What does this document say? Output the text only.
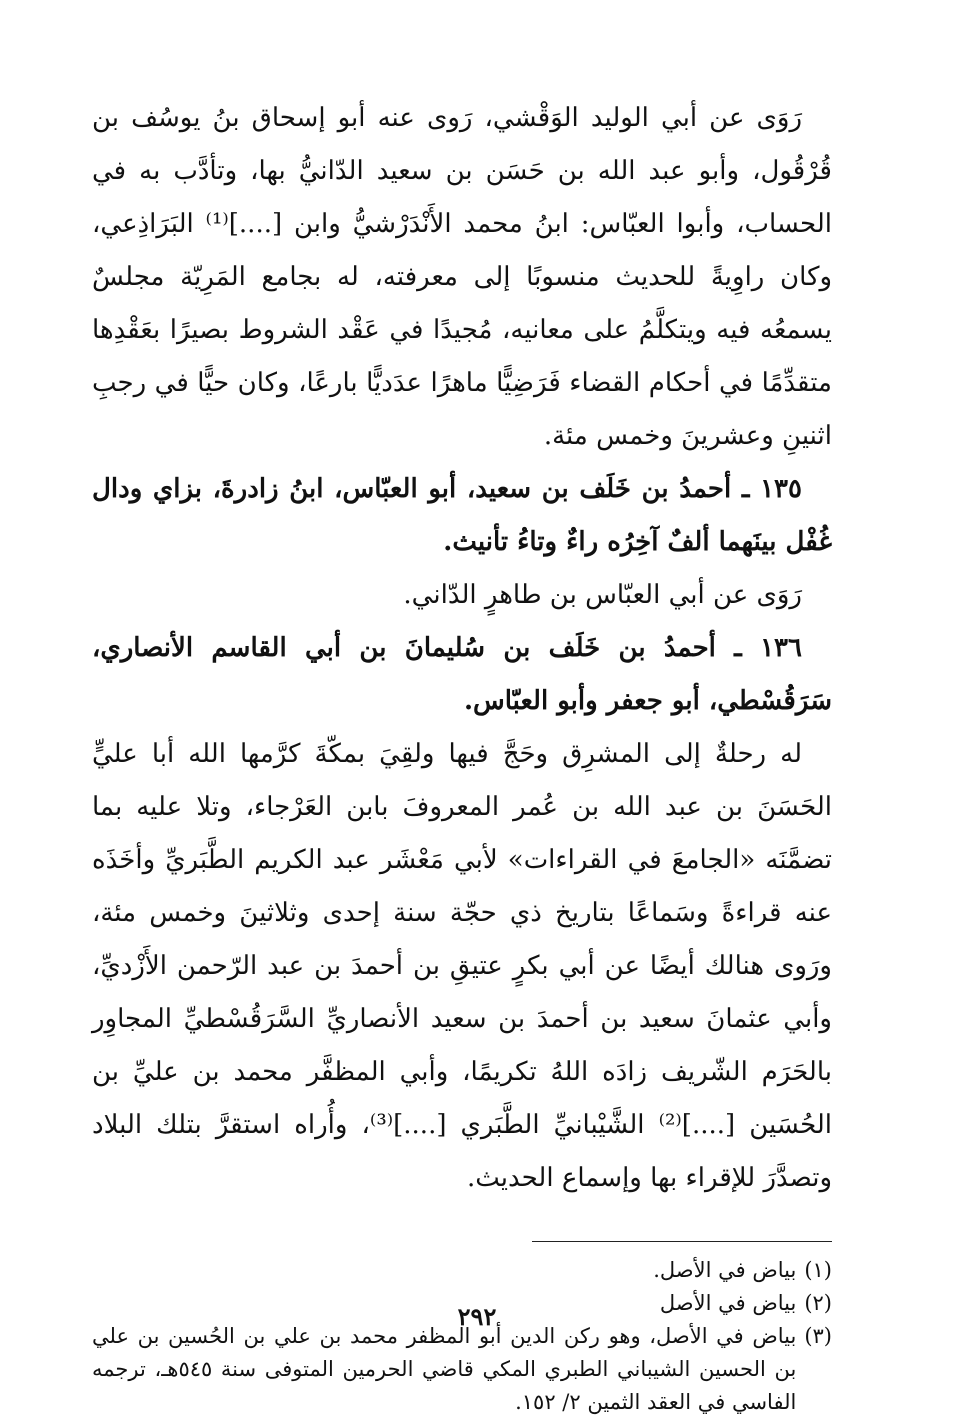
رَوَى عن أبي الوليد الوَقْشي، رَوى عنه أبو إسحاق بنُ يوسُف بن قُرْقُول، وأبو عبد الله بن حَسَن بن سعيد الدّانيُّ بها، وتأدَّب به في الحساب، وأبوا العبّاس: ابنُ محمد الأَنْدَرْشيُّ وابن [....]⁽¹⁾ البَرَاذِعي، وكان راوِيةً للحديث منسوبًا إلى معرفته، له بجامع المَرِيّة مجلسٌ يسمعُه فيه ويتكلَّمُ على معانيه، مُجيدًا في عَقْد الشروط بصيرًا بعَقْدِها متقدِّمًا في أحكام القضاء فَرَضِيًّا ماهرًا عدَديًّا بارعًا، وكان حيًّا في رجبِ اثنينِ وعشرينَ وخمس مئة.

١٣٥ ـ أحمدُ بن خَلَف بن سعيد، أبو العبّاس، ابنُ زادرةَ، بزاي ودال غُفْل بينَهما ألفٌ آخِرُه راءٌ وتاءُ تأنيث.

رَوَى عن أبي العبّاس بن طاهرٍ الدّاني.

١٣٦ ـ أحمدُ بن خَلَف بن سُليمانَ بن أبي القاسم الأنصاري، سَرَقُسْطي، أبو جعفر وأبو العبّاس.

له رحلةٌ إلى المشرِق وحَجَّ فيها ولقِيَ بمكّةَ كرَّمها الله أبا عليٍّ الحَسَنَ بن عبد الله بن عُمر المعروفَ بابن العَرْجاء، وتلا عليه بما تضمَّنَه «الجامعَ في القراءات» لأبي مَعْشَر عبد الكريم الطَّبَريِّ وأخَذَه عنه قراءةً وسَماعًا بتاريخ ذي حجّة سنة إحدى وثلاثينَ وخمس مئة، ورَوى هنالك أيضًا عن أبي بكرٍ عتيقِ بن أحمدَ بن عبد الرّحمن الأَزْديِّ، وأبي عثمانَ سعيد بن أحمدَ بن سعيد الأنصاريِّ السَّرَقُسْطيِّ المجاوِر بالحَرَم الشّريف زادَه اللهُ تكريمًا، وأبي المظفَّر محمد بن عليِّ بن الحُسَين [....]⁽²⁾ الشَّيْبانيِّ الطَّبَري [....]⁽³⁾، وأُراه استقرَّ بتلك البلاد وتصدَّرَ للإقراء بها وإسماع الحديث.

(١)
بياض في الأصل.
(٢)
بياض في الأصل
(٣)
بياض في الأصل، وهو ركن الدين أبو المظفر محمد بن علي بن الحُسين بن علي بن الحسين الشيباني الطبري المكي قاضي الحرمين المتوفى سنة ٥٤٥هـ، ترجمه الفاسي في العقد الثمين ٢/ ١٥٢.
٢٩٢
